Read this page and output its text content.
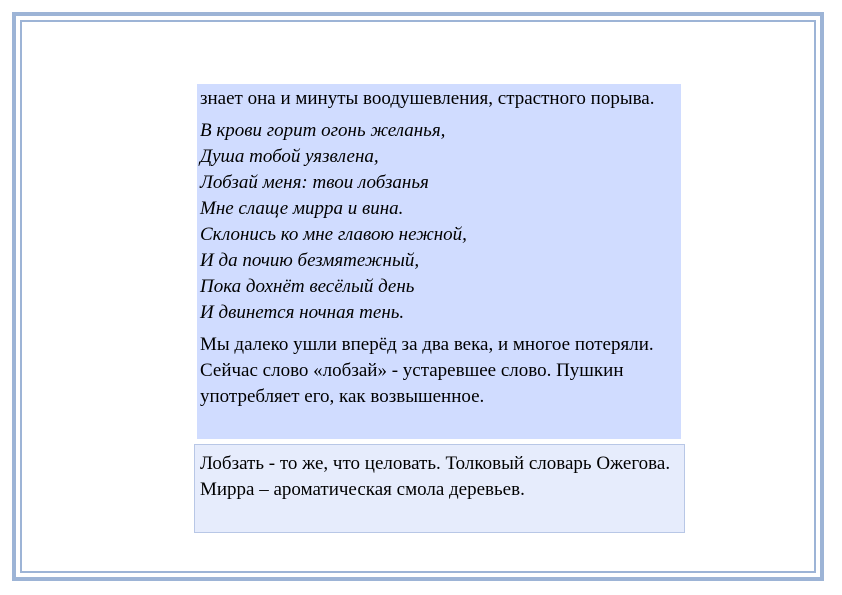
знает она и минуты воодушевления, страстного порыва.

В крови горит огонь желанья,
Душа тобой уязвлена,
Лобзай меня: твои лобзанья
Мне слаще мирра и вина.
Склонись ко мне главою нежной,
И да почию безмятежный,
Пока дохнёт весёлый день
И двинется ночная тень.

Мы далеко ушли вперёд за два века, и многое потеряли. Сейчас слово «лобзай» - устаревшее слово. Пушкин употребляет его, как возвышенное.

Лобзать - то же, что целовать. Толковый словарь Ожегова.
Мирра – ароматическая смола деревьев.
